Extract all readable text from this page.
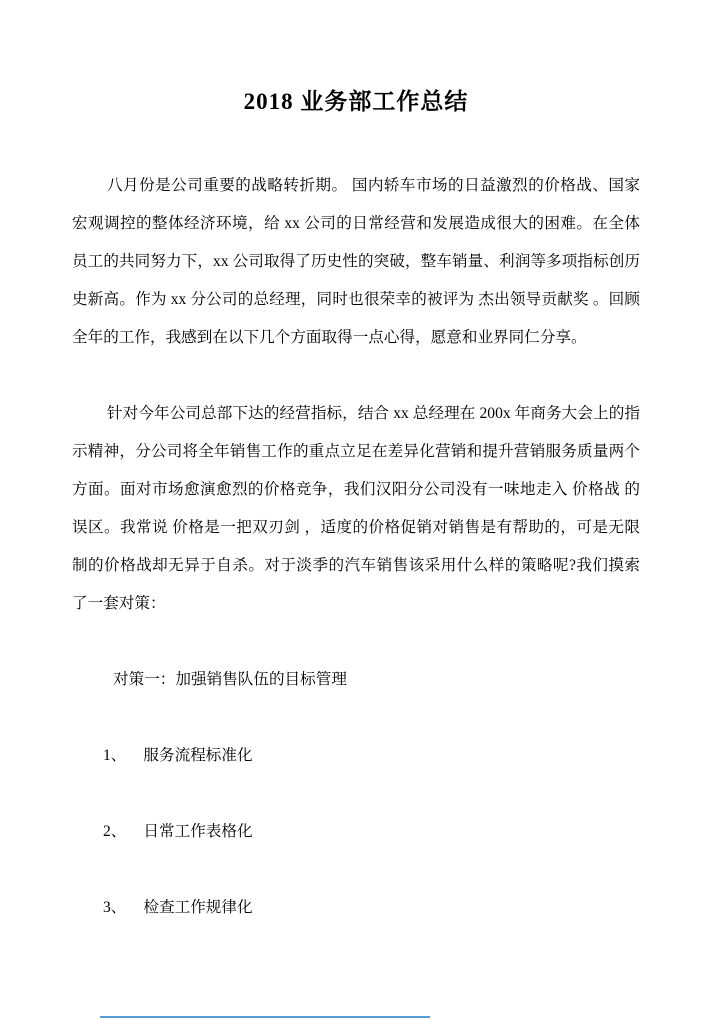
2018 业务部工作总结

八月份是公司重要的战略转折期。 国内轿车市场的日益激烈的价格战、国家宏观调控的整体经济环境，给 xx 公司的日常经营和发展造成很大的困难。在全体员工的共同努力下，xx 公司取得了历史性的突破，整车销量、利润等多项指标创历史新高。作为 xx 分公司的总经理，同时也很荣幸的被评为 杰出领导贡献奖 。回顾全年的工作，我感到在以下几个方面取得一点心得，愿意和业界同仁分享。

针对今年公司总部下达的经营指标，结合 xx 总经理在 200x 年商务大会上的指示精神，分公司将全年销售工作的重点立足在差异化营销和提升营销服务质量两个方面。面对市场愈演愈烈的价格竞争，我们汉阳分公司没有一味地走入 价格战 的误区。我常说 价格是一把双刃剑 ，适度的价格促销对销售是有帮助的，可是无限制的价格战却无异于自杀。对于淡季的汽车销售该采用什么样的策略呢?我们摸索了一套对策：

对策一：加强销售队伍的目标管理

1、 服务流程标准化

2、 日常工作表格化

3、 检查工作规律化
